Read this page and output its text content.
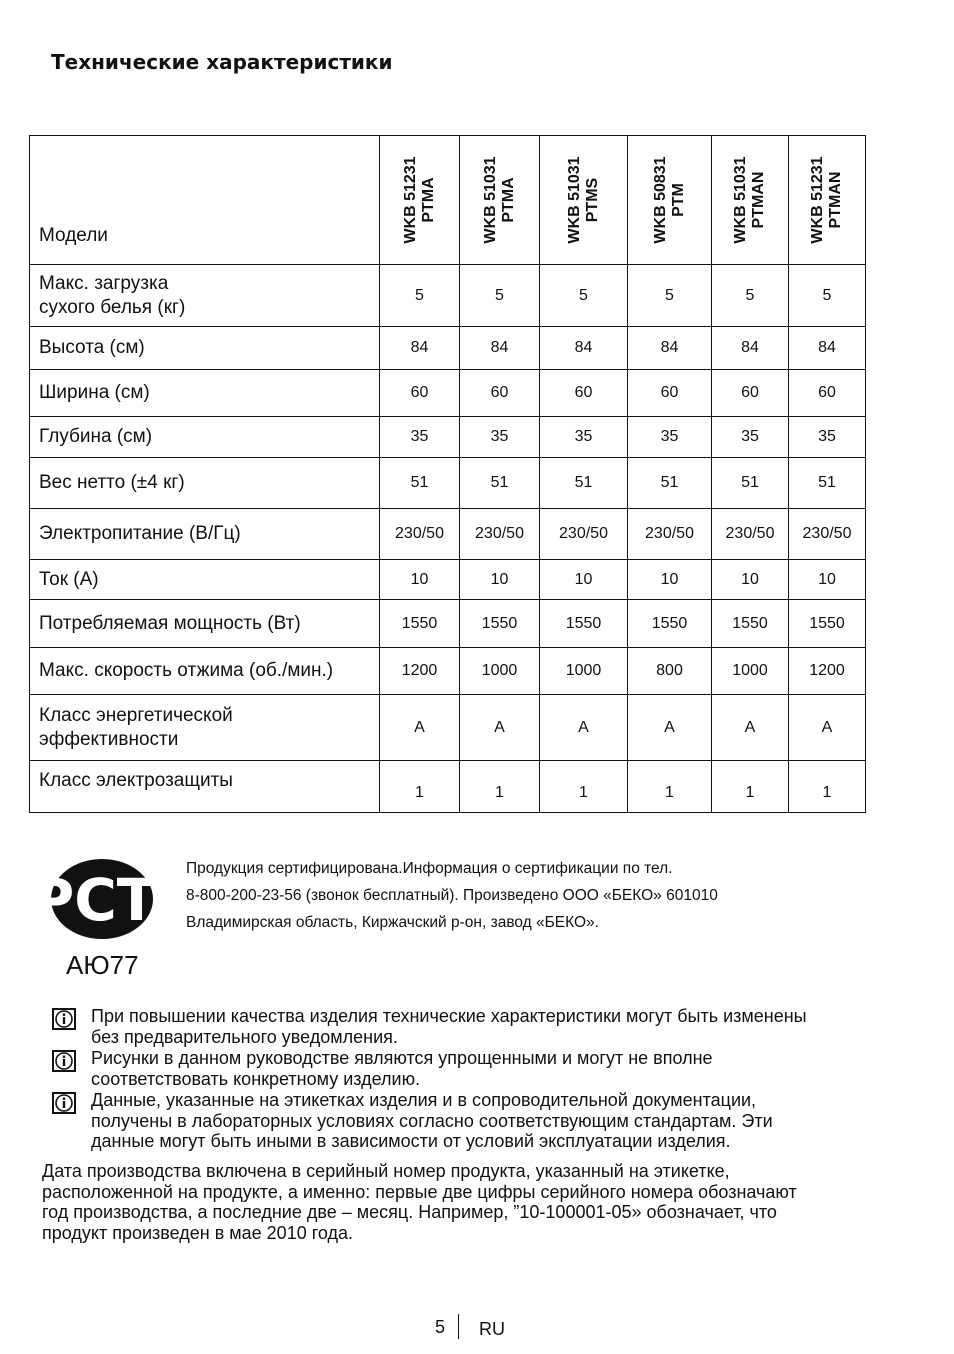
Технические характеристики
Модели	WKB 51231 PTMA	WKB 51031 PTMA	WKB 51031 PTMS	WKB 50831 PTM	WKB 51031 PTMAN	WKB 51231 PTMAN

Макс. загрузка
сухого белья (кг)	5	5	5	5	5	5
Высота (см)	84	84	84	84	84	84
Ширина (см)	60	60	60	60	60	60
Глубина (см)	35	35	35	35	35	35
Вес нетто (±4 кг)	51	51	51	51	51	51
Электропитание (В/Гц)	230/50	230/50	230/50	230/50	230/50	230/50
Ток (А)	10	10	10	10	10	10
Потребляемая мощность (Вт)	1550	1550	1550	1550	1550	1550
Макс. скорость отжима (об./мин.)	1200	1000	1000	800	1000	1200
Класс энергетической
эффективности	A	A	A	A	A	A
Класс электрозащиты	1	1	1	1	1	1
РСТ
АЮ77
Продукция сертифицирована.Информация о сертификации по тел.
8-800-200-23-56 (звонок бесплатный). Произведено ООО «БЕКО» 601010
Владимирская область, Киржачский р-он, завод «БЕКО».
При повышении качества изделия технические характеристики могут быть изменены
без предварительного уведомления.
Рисунки в данном руководстве являются упрощенными и могут не вполне
соответствовать конкретному изделию.
Данные, указанные на этикетках изделия и в сопроводительной документации,
получены в лабораторных условиях согласно соответствующим стандартам. Эти
данные могут быть иными в зависимости от условий эксплуатации изделия.
Дата производства включена в серийный номер продукта, указанный на этикетке,
расположенной на продукте, а именно: первые две цифры серийного номера обозначают
год производства, а последние две – месяц. Например, ”10-100001-05» обозначает, что
продукт произведен в мае 2010 года.
5 RU
